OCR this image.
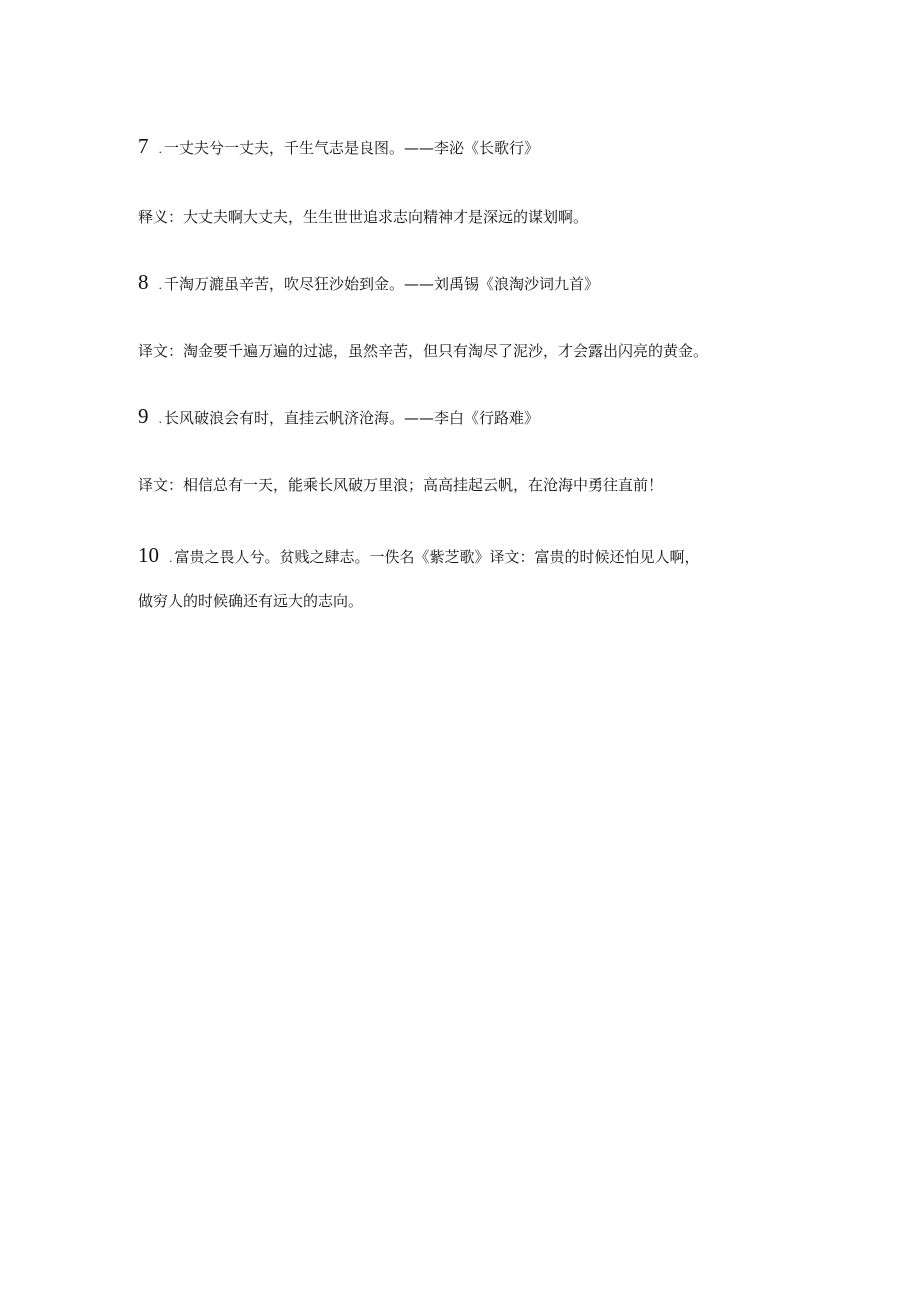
7 . 一丈夫兮一丈夫，千生气志是良图。——李泌《长歌行》
释义：大丈夫啊大丈夫，生生世世追求志向精神才是深远的谋划啊。
8 . 千淘万漉虽辛苦，吹尽狂沙始到金。——刘禹锡《浪淘沙词九首》
译文：淘金要千遍万遍的过滤，虽然辛苦，但只有淘尽了泥沙，才会露出闪亮的黄金。
9 . 长风破浪会有时，直挂云帆济沧海。——李白《行路难》
译文：相信总有一天，能乘长风破万里浪；高高挂起云帆，在沧海中勇往直前！
10 . 富贵之畏人兮。贫贱之肆志。一佚名《紫芝歌》译文：富贵的时候还怕见人啊，
做穷人的时候确还有远大的志向。
